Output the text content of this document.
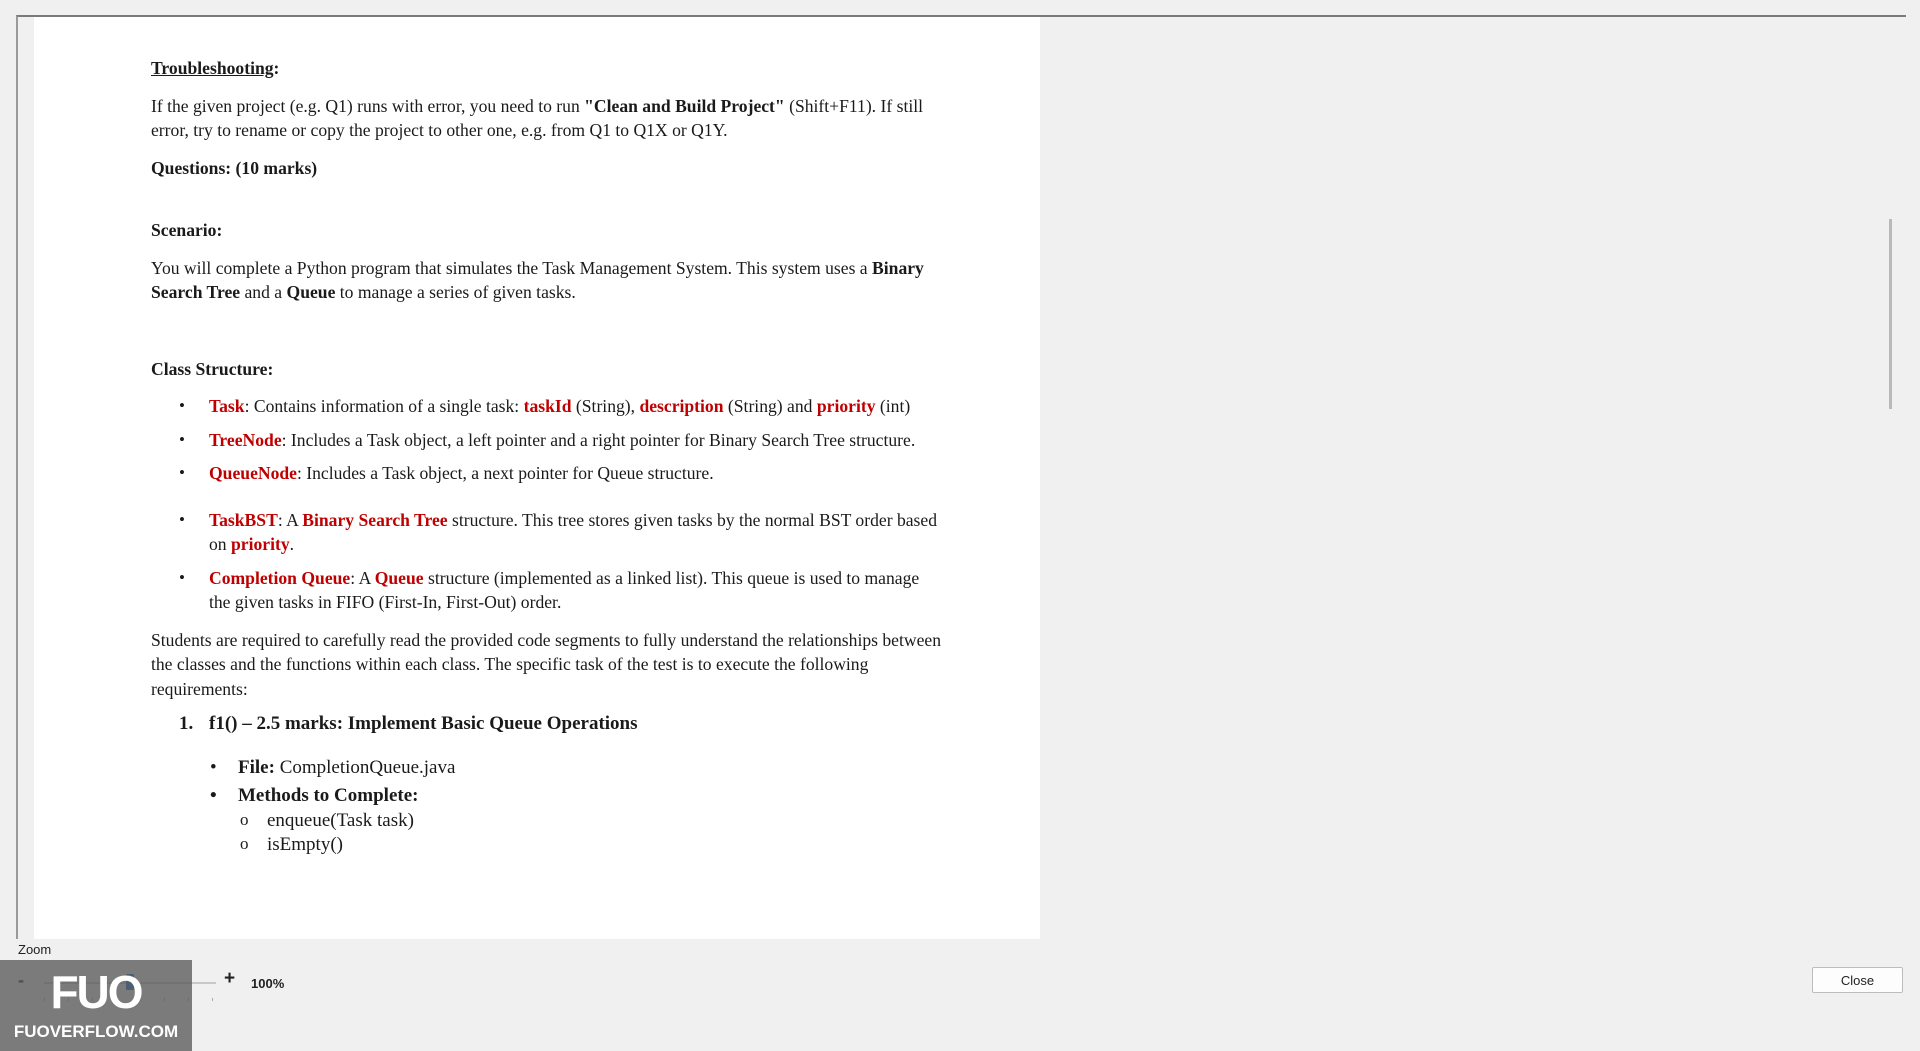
Troubleshooting:

If the given project (e.g. Q1) runs with error, you need to run "Clean and Build Project" (Shift+F11). If still error, try to rename or copy the project to other one, e.g. from Q1 to Q1X or Q1Y.

Questions: (10 marks)

Scenario:

You will complete a Python program that simulates the Task Management System. This system uses a Binary Search Tree and a Queue to manage a series of given tasks.

Class Structure:

• Task: Contains information of a single task: taskId (String), description (String) and priority (int)

• TreeNode: Includes a Task object, a left pointer and a right pointer for Binary Search Tree structure.

• QueueNode: Includes a Task object, a next pointer for Queue structure.

• TaskBST: A Binary Search Tree structure. This tree stores given tasks by the normal BST order based on priority.

• Completion Queue: A Queue structure (implemented as a linked list). This queue is used to manage the given tasks in FIFO (First-In, First-Out) order.

Students are required to carefully read the provided code segments to fully understand the relationships between the classes and the functions within each class. The specific task of the test is to execute the following requirements:

1. f1() – 2.5 marks: Implement Basic Queue Operations

• File: CompletionQueue.java

• Methods to Complete:

o enqueue(Task task)

o isEmpty()

Zoom
+ 100%	Close
FUO
FUOVERFLOW.COM
